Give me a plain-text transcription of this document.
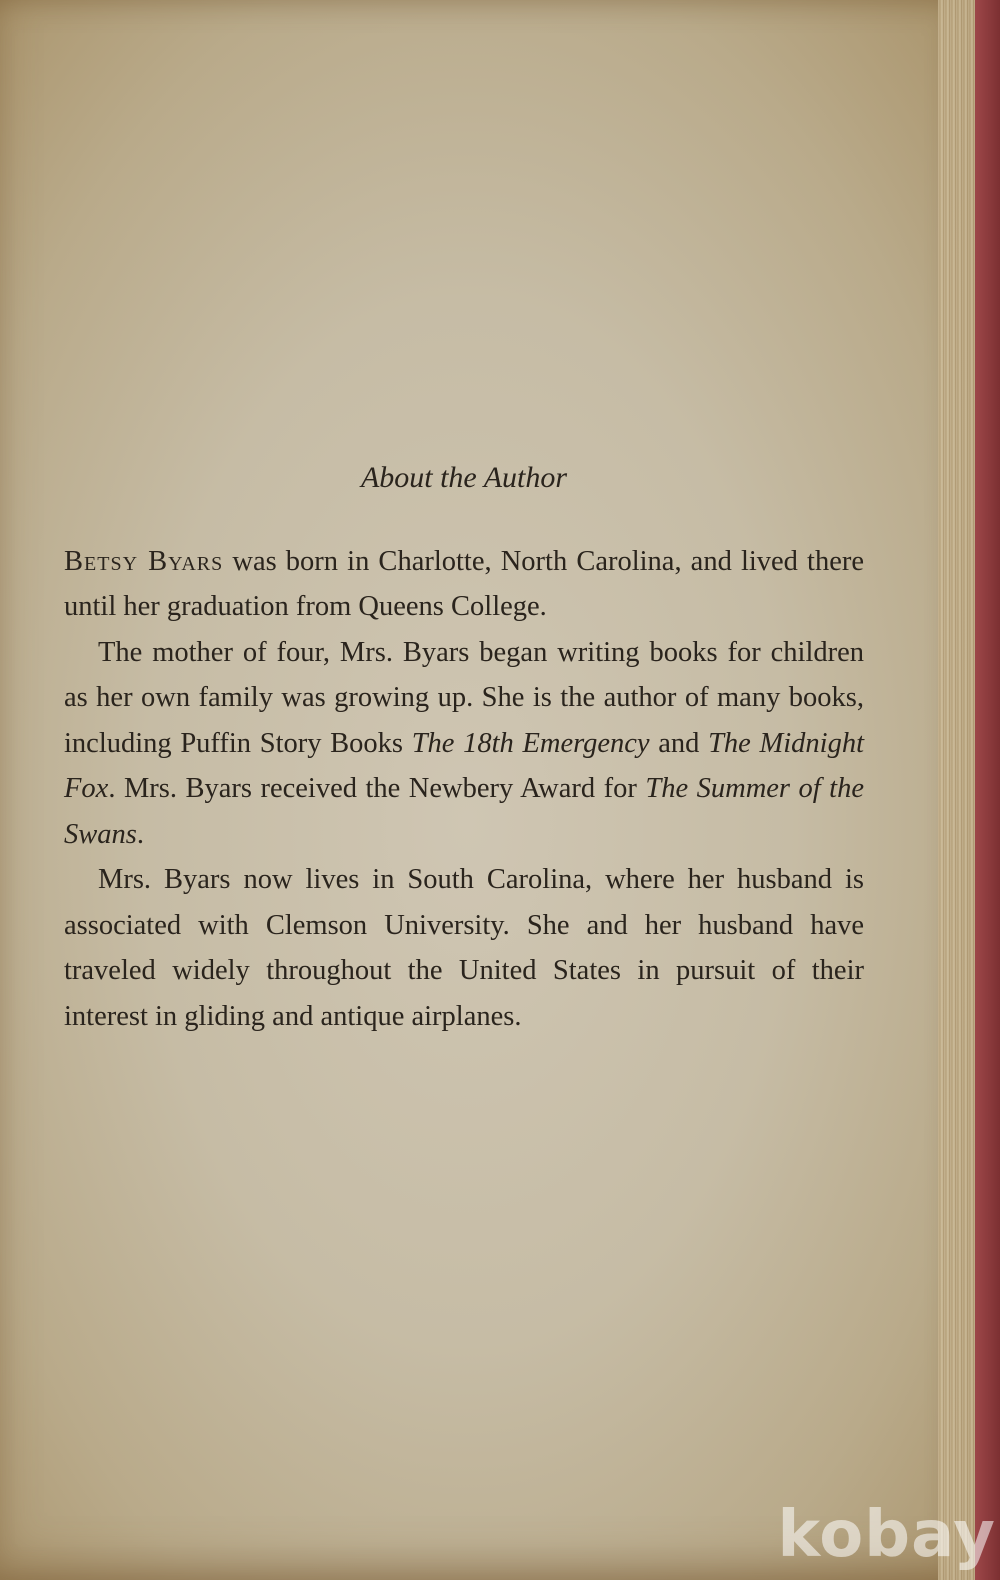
About the Author

Betsy Byars was born in Charlotte, North Carolina, and lived there until her graduation from Queens College.

The mother of four, Mrs. Byars began writing books for children as her own family was growing up. She is the author of many books, including Puffin Story Books The 18th Emergency and The Midnight Fox. Mrs. Byars received the Newbery Award for The Summer of the Swans.

Mrs. Byars now lives in South Carolina, where her husband is associated with Clemson University. She and her husband have traveled widely throughout the United States in pursuit of their interest in gliding and antique airplanes.

kobay
